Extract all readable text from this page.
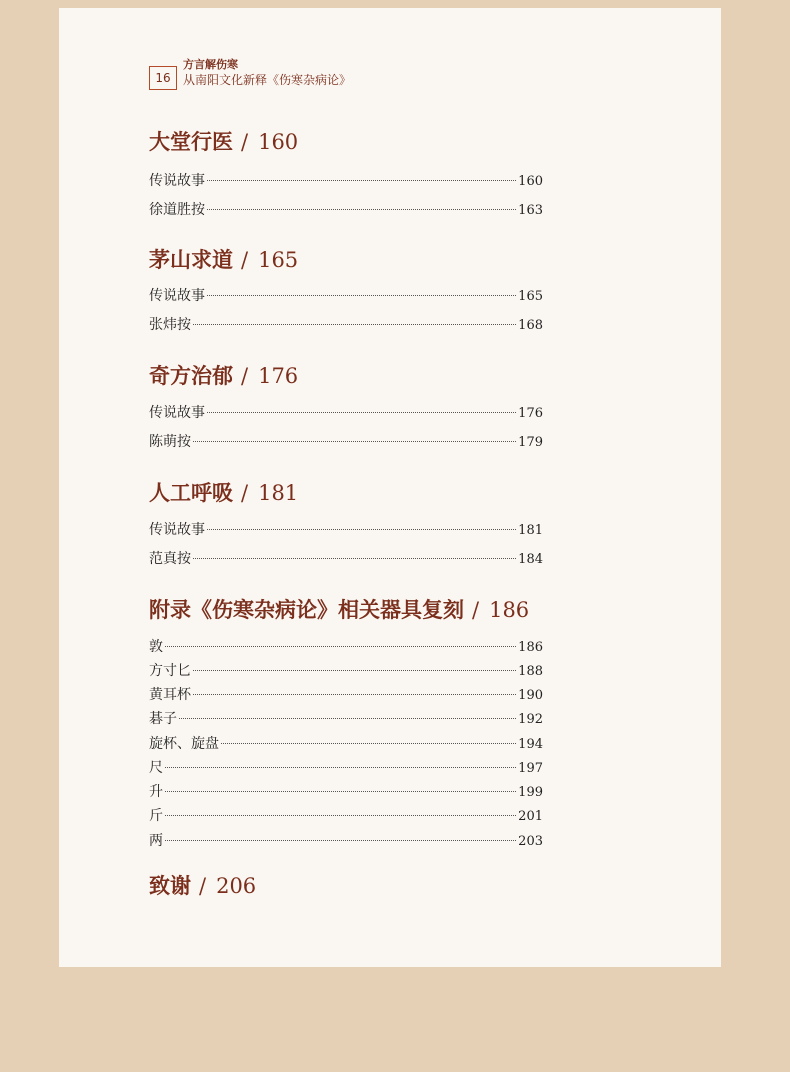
16
方言解伤寒
从南阳文化新释《伤寒杂病论》
大堂行医 / 160
传说故事	160
徐道胜按	163
茅山求道 / 165
传说故事	165
张炜按	168
奇方治郁 / 176
传说故事	176
陈萌按	179
人工呼吸 / 181
传说故事	181
范真按	184
附录《伤寒杂病论》相关器具复刻 / 186
敦	186
方寸匕	188
黄耳杯	190
碁子	192
旋杯、旋盘	194
尺	197
升	199
斤	201
两	203
致谢 / 206
